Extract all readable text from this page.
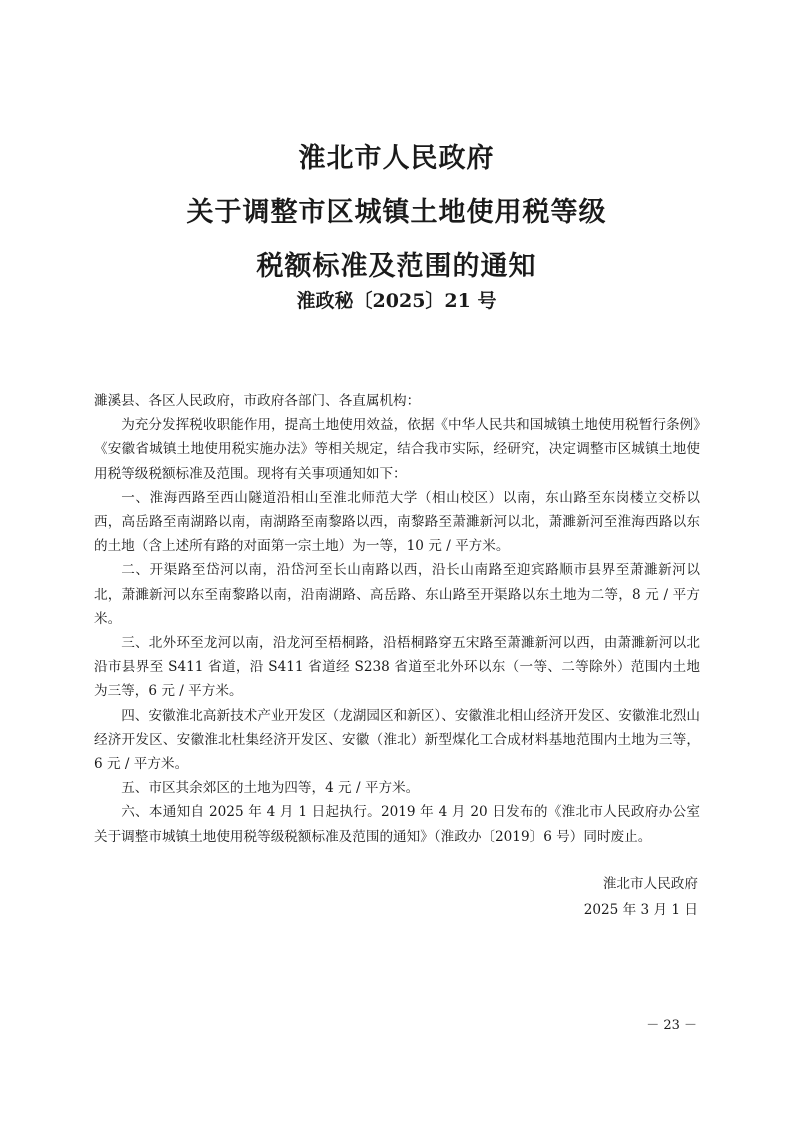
淮北市人民政府
关于调整市区城镇土地使用税等级
税额标准及范围的通知
淮政秘〔2025〕21 号

濉溪县、各区人民政府，市政府各部门、各直属机构：

为充分发挥税收职能作用，提高土地使用效益，依据《中华人民共和国城镇土地使用税暂行条例》《安徽省城镇土地使用税实施办法》等相关规定，结合我市实际，经研究，决定调整市区城镇土地使用税等级税额标准及范围。现将有关事项通知如下：

一、淮海西路至西山隧道沿相山至淮北师范大学（相山校区）以南，东山路至东岗楼立交桥以西，高岳路至南湖路以南，南湖路至南黎路以西，南黎路至萧濉新河以北，萧濉新河至淮海西路以东的土地（含上述所有路的对面第一宗土地）为一等，10 元 / 平方米。

二、开渠路至岱河以南，沿岱河至长山南路以西，沿长山南路至迎宾路顺市县界至萧濉新河以北，萧濉新河以东至南黎路以南，沿南湖路、高岳路、东山路至开渠路以东土地为二等，8 元 / 平方米。

三、北外环至龙河以南，沿龙河至梧桐路，沿梧桐路穿五宋路至萧濉新河以西，由萧濉新河以北沿市县界至 S411 省道，沿 S411 省道经 S238 省道至北外环以东（一等、二等除外）范围内土地为三等，6 元 / 平方米。

四、安徽淮北高新技术产业开发区（龙湖园区和新区）、安徽淮北相山经济开发区、安徽淮北烈山经济开发区、安徽淮北杜集经济开发区、安徽（淮北）新型煤化工合成材料基地范围内土地为三等，6 元 / 平方米。

五、市区其余郊区的土地为四等，4 元 / 平方米。

六、本通知自 2025 年 4 月 1 日起执行。2019 年 4 月 20 日发布的《淮北市人民政府办公室关于调整市城镇土地使用税等级税额标准及范围的通知》（淮政办〔2019〕6 号）同时废止。

淮北市人民政府
2025 年 3 月 1 日
－ 23 －
